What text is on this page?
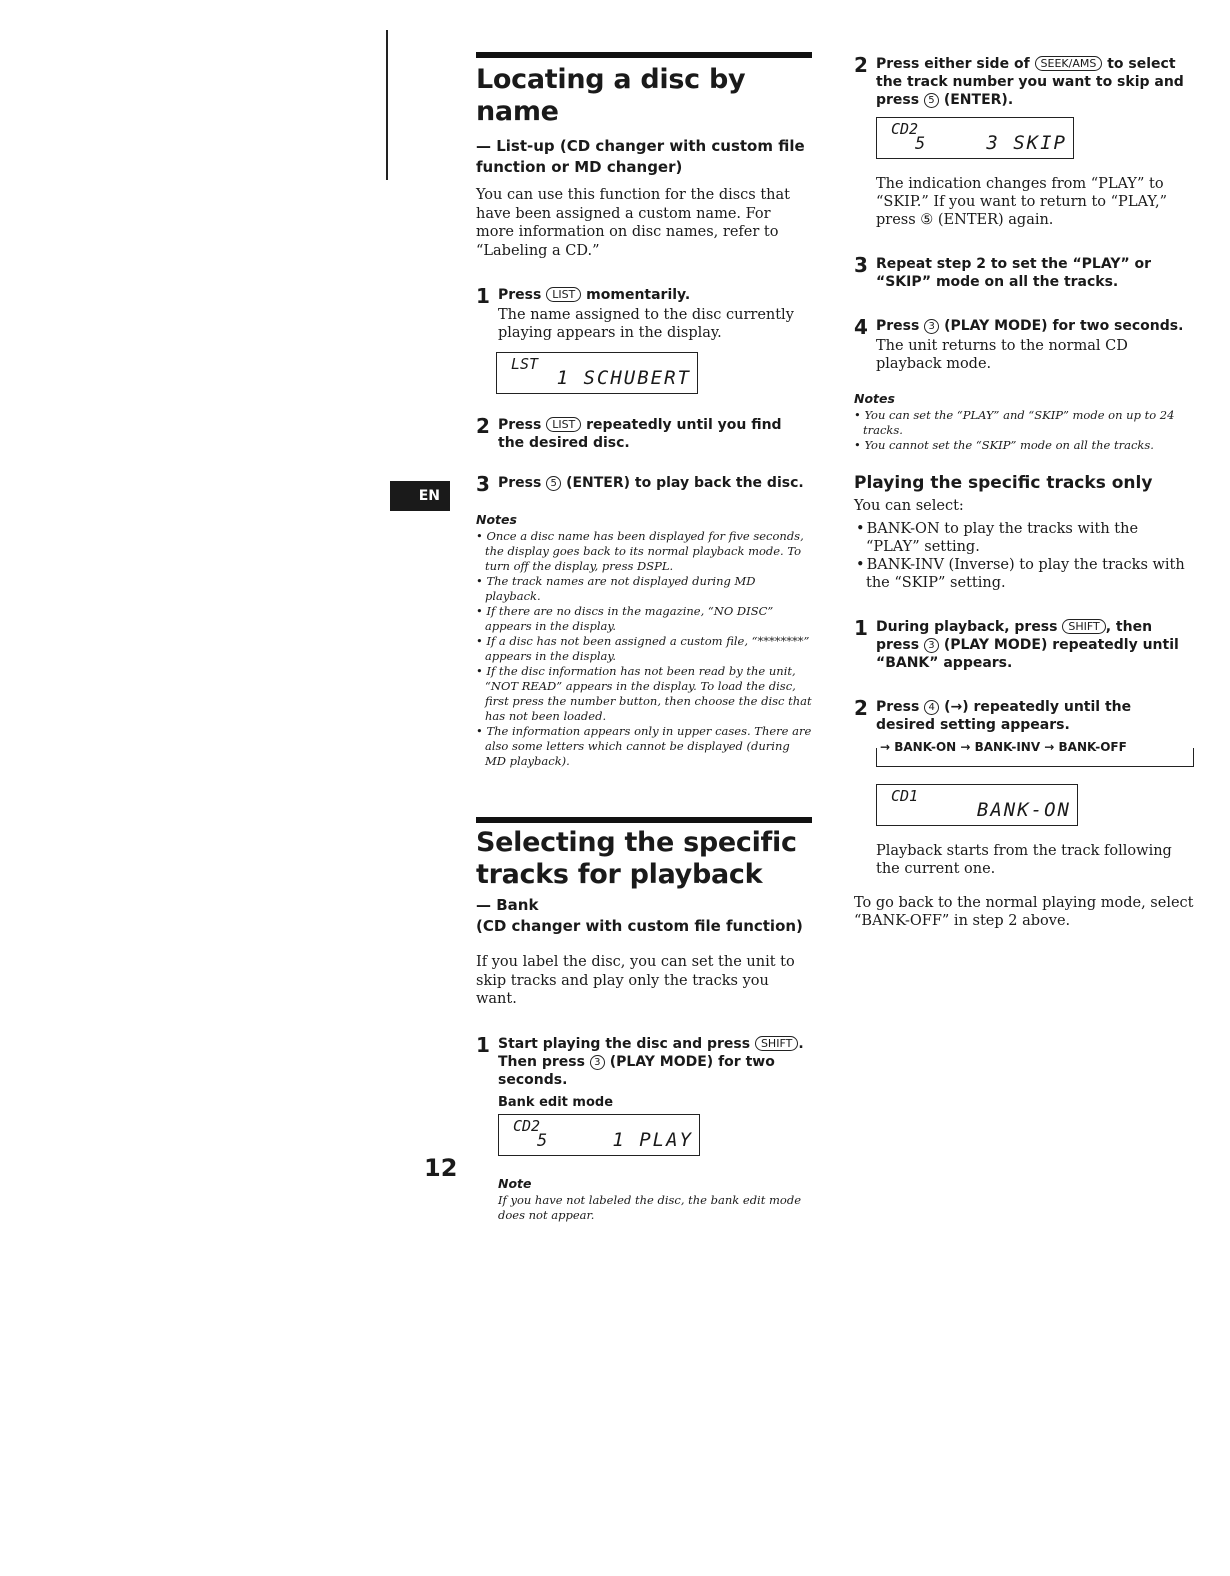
EN
12
Locating a disc by name

— List-up (CD changer with custom file function or MD changer)

You can use this function for the discs that have been assigned a custom name. For more information on disc names, refer to “Labeling a CD.”

1 Press LIST momentarily.
The name assigned to the disc currently playing appears in the display.
LST
1 SCHUBERT
2 Press LIST repeatedly until you find the desired disc.
3 Press 5 (ENTER) to play back the disc.
Notes
• Once a disc name has been displayed for five seconds, the display goes back to its normal playback mode. To turn off the display, press DSPL.
• The track names are not displayed during MD playback.
• If there are no discs in the magazine, “NO DISC” appears in the display.
• If a disc has not been assigned a custom file, “********” appears in the display.
• If the disc information has not been read by the unit, “NOT READ” appears in the display. To load the disc, first press the number button, then choose the disc that has not been loaded.
• The information appears only in upper cases. There are also some letters which cannot be displayed (during MD playback).
Selecting the specific tracks for playback

— Bank

(CD changer with custom file function)

If you label the disc, you can set the unit to skip tracks and play only the tracks you want.

1 Start playing the disc and press SHIFT . Then press 3 (PLAY MODE) for two seconds.
Bank edit mode
CD2
5	1 PLAY
Note
If you have not labeled the disc, the bank edit mode does not appear.
2 Press either side of SEEK/AMS to select the track number you want to skip and press 5 (ENTER).
CD2
5	3 SKIP
The indication changes from “PLAY” to “SKIP.” If you want to return to “PLAY,” press ⑤ (ENTER) again.
3 Repeat step 2 to set the “PLAY” or “SKIP” mode on all the tracks.
4 Press 3 (PLAY MODE) for two seconds.
The unit returns to the normal CD playback mode.
Notes
• You can set the “PLAY” and “SKIP” mode on up to 24 tracks.
• You cannot set the “SKIP” mode on all the tracks.
Playing the specific tracks only
You can select:
• BANK-ON to play the tracks with the “PLAY” setting.
• BANK-INV (Inverse) to play the tracks with the “SKIP” setting.
1 During playback, press SHIFT , then press 3 (PLAY MODE) repeatedly until “BANK” appears.
2 Press 4 (→) repeatedly until the desired setting appears.
→ BANK-ON → BANK-INV → BANK-OFF
CD1
BANK-ON
Playback starts from the track following the current one.
To go back to the normal playing mode, select “BANK-OFF” in step 2 above.
